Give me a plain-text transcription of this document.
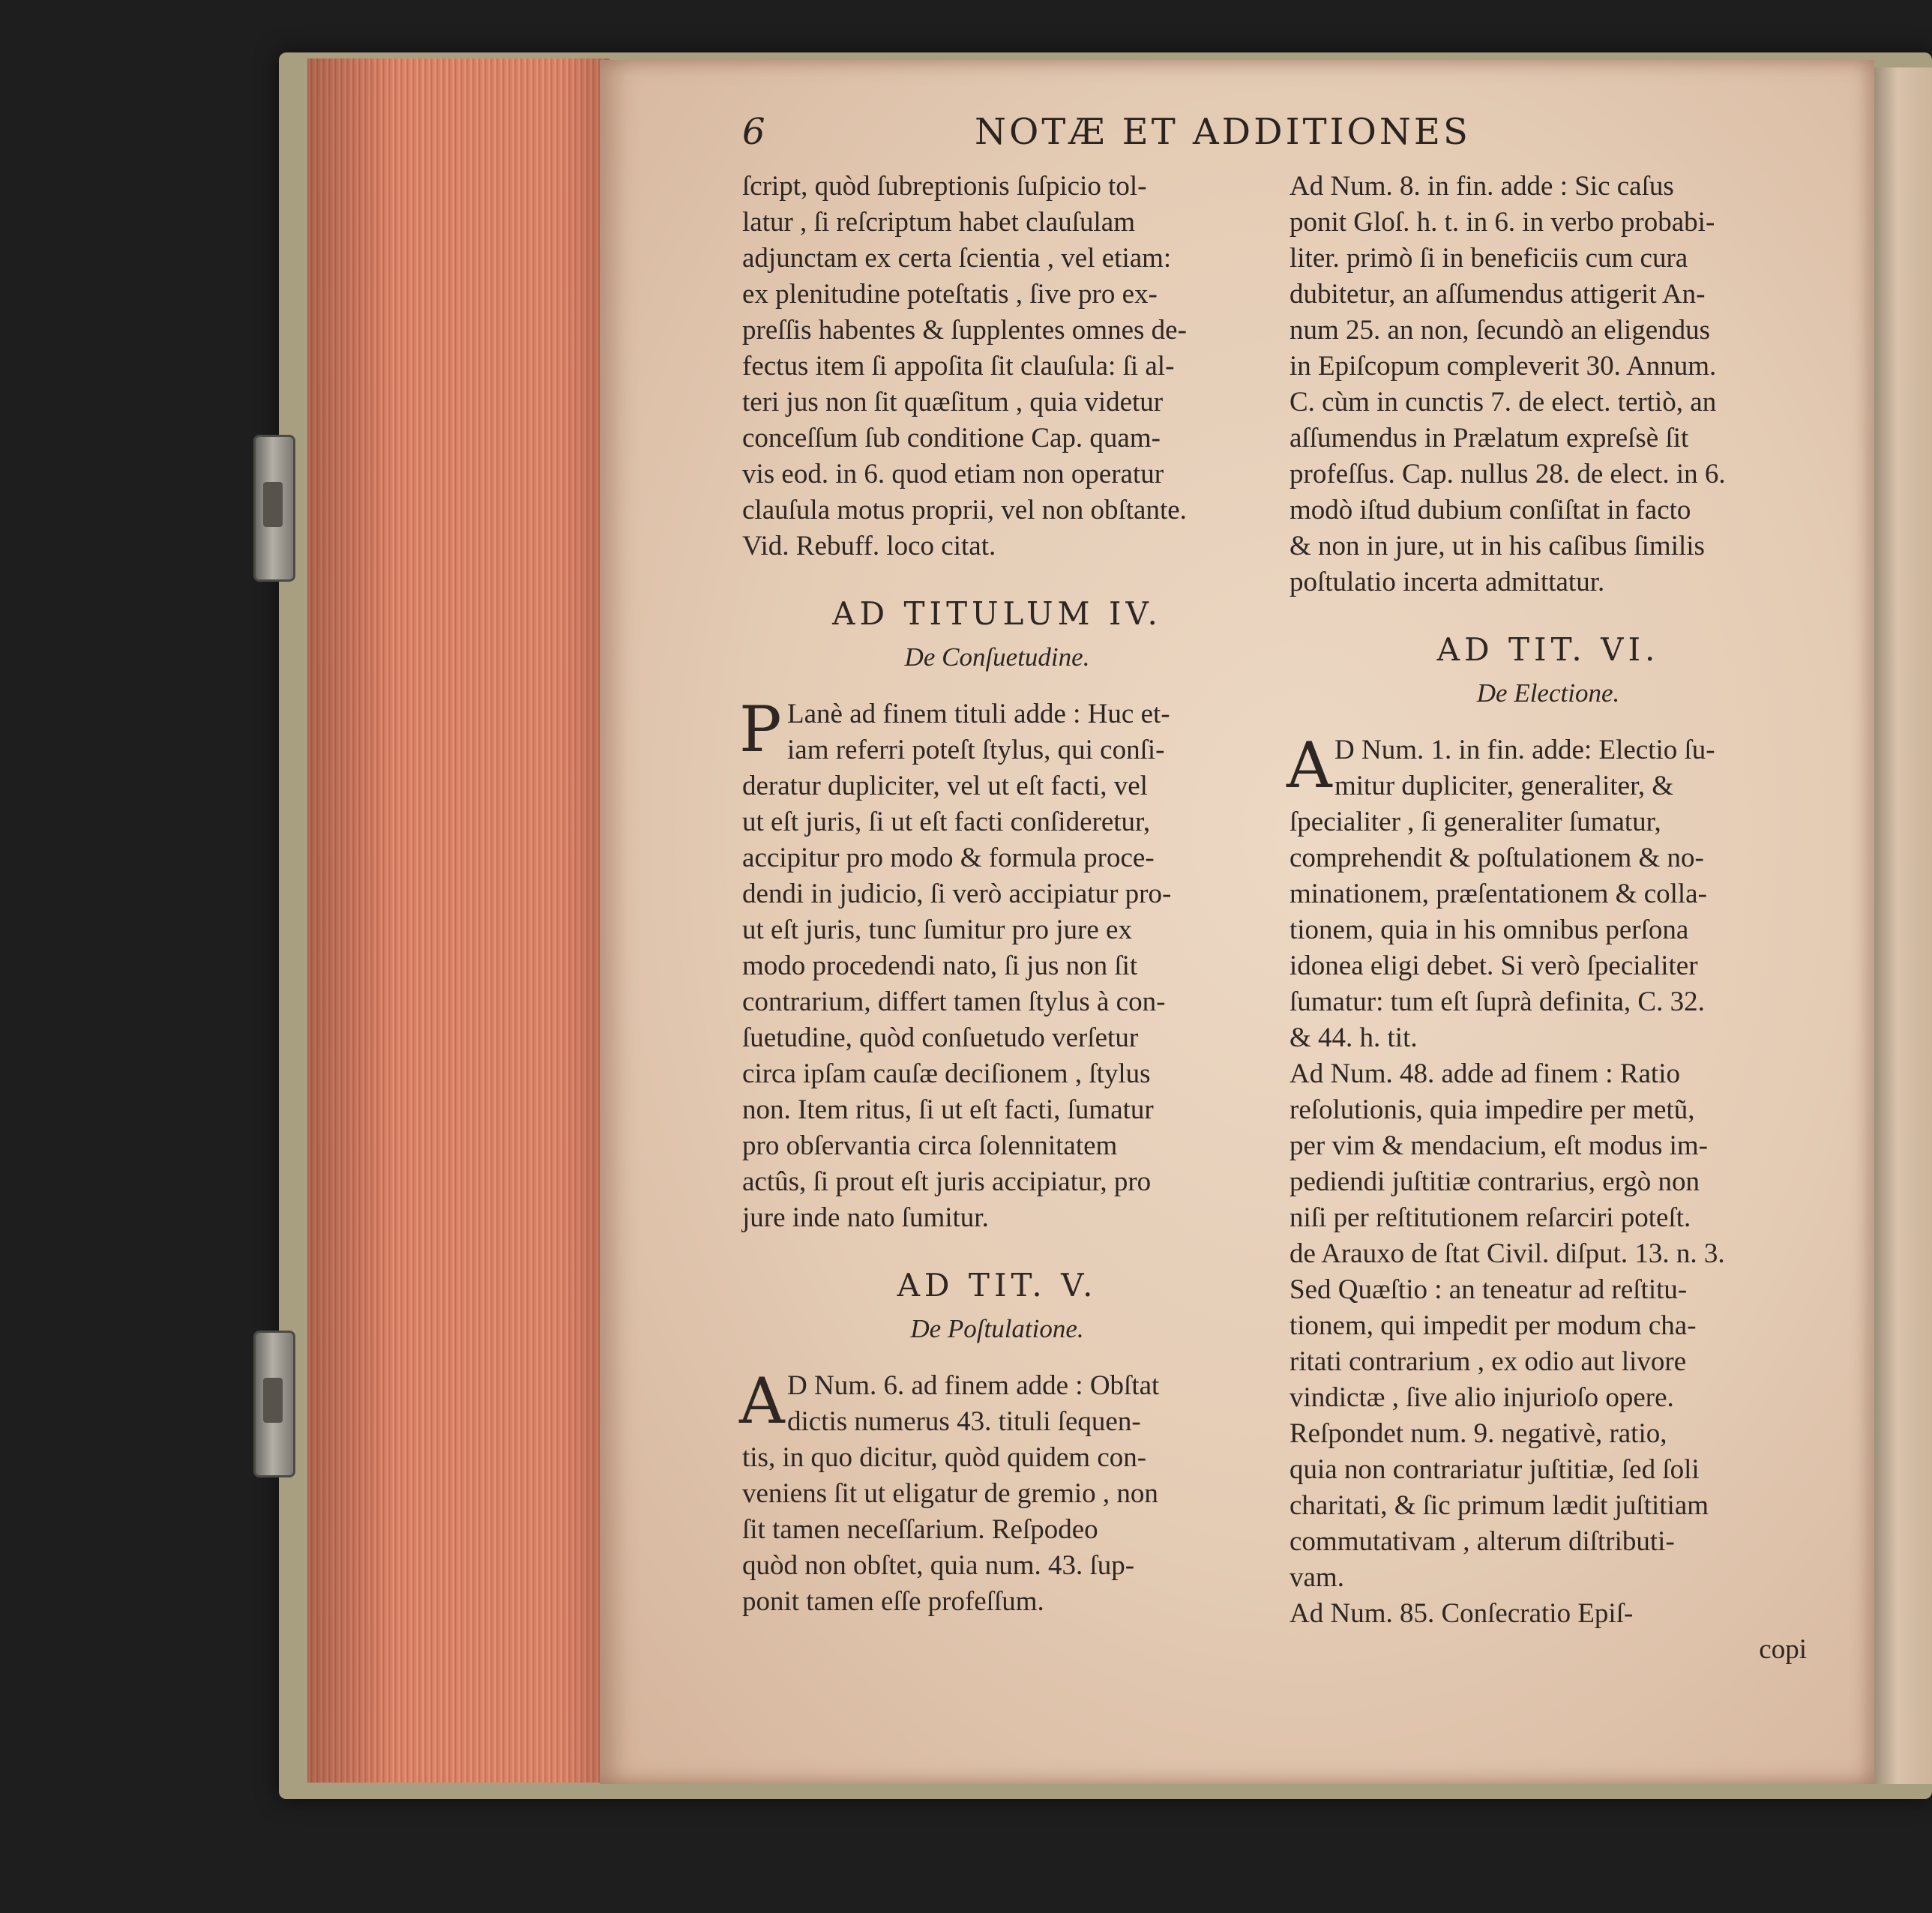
6	NOTÆ ET ADDITIONES
ſcript, quòd ſubreptionis ſuſpicio tol-
latur , ſi reſcriptum habet clauſulam
adjunctam ex certa ſcientia , vel etiam:
ex plenitudine poteſtatis , ſive pro ex-
preſſis habentes & ſupplentes omnes de-
fectus item ſi appoſita ſit clauſula: ſi al-
teri jus non ſit quæſitum , quia videtur
conceſſum ſub conditione Cap. quam-
vis eod. in 6. quod etiam non operatur
clauſula motus proprii, vel non obſtante.
Vid. Rebuff. loco citat.
AD TITULUM IV.
De Conſuetudine.
P Lanè ad finem tituli adde : Huc et-
iam referri poteſt ſtylus, qui conſi-
deratur dupliciter, vel ut eſt facti, vel
ut eſt juris, ſi ut eſt facti conſideretur,
accipitur pro modo & formula proce-
dendi in judicio, ſi verò accipiatur pro-
ut eſt juris, tunc ſumitur pro jure ex
modo procedendi nato, ſi jus non ſit
contrarium, differt tamen ſtylus à con-
ſuetudine, quòd conſuetudo verſetur
circa ipſam cauſæ deciſionem , ſtylus
non. Item ritus, ſi ut eſt facti, ſumatur
pro obſervantia circa ſolennitatem
actûs, ſi prout eſt juris accipiatur, pro
jure inde nato ſumitur.
AD TIT. V.
De Poſtulatione.
A D Num. 6. ad finem adde : Obſtat
dictis numerus 43. tituli ſequen-
tis, in quo dicitur, quòd quidem con-
veniens ſit ut eligatur de gremio , non
ſit tamen neceſſarium. Reſpodeo
quòd non obſtet, quia num. 43. ſup-
ponit tamen eſſe profeſſum.
Ad Num. 8. in fin. adde : Sic caſus
ponit Gloſ. h. t. in 6. in verbo probabi-
liter. primò ſi in beneficiis cum cura
dubitetur, an aſſumendus attigerit An-
num 25. an non, ſecundò an eligendus
in Epiſcopum compleverit 30. Annum.
C. cùm in cunctis 7. de elect. tertiò, an
aſſumendus in Prælatum expreſsè ſit
profeſſus. Cap. nullus 28. de elect. in 6.
modò iſtud dubium conſiſtat in facto
& non in jure, ut in his caſibus ſimilis
poſtulatio incerta admittatur.
AD TIT. VI.
De Electione.
A D Num. 1. in fin. adde: Electio ſu-
mitur dupliciter, generaliter, &
ſpecialiter , ſi generaliter ſumatur,
comprehendit & poſtulationem & no-
minationem, præſentationem & colla-
tionem, quia in his omnibus perſona
idonea eligi debet. Si verò ſpecialiter
ſumatur: tum eſt ſuprà definita, C. 32.
& 44. h. tit.
Ad Num. 48. adde ad finem : Ratio
reſolutionis, quia impedire per metũ,
per vim & mendacium, eſt modus im-
pediendi juſtitiæ contrarius, ergò non
niſi per reſtitutionem reſarciri poteſt.
de Arauxo de ſtat Civil. diſput. 13. n. 3.
Sed Quæſtio : an teneatur ad reſtitu-
tionem, qui impedit per modum cha-
ritati contrarium , ex odio aut livore
vindictæ , ſive alio injurioſo opere.
Reſpondet num. 9. negativè, ratio,
quia non contrariatur juſtitiæ, ſed ſoli
charitati, & ſic primum lædit juſtitiam
commutativam , alterum diſtributi-
vam.
Ad Num. 85. Conſecratio Epiſ-
copi
